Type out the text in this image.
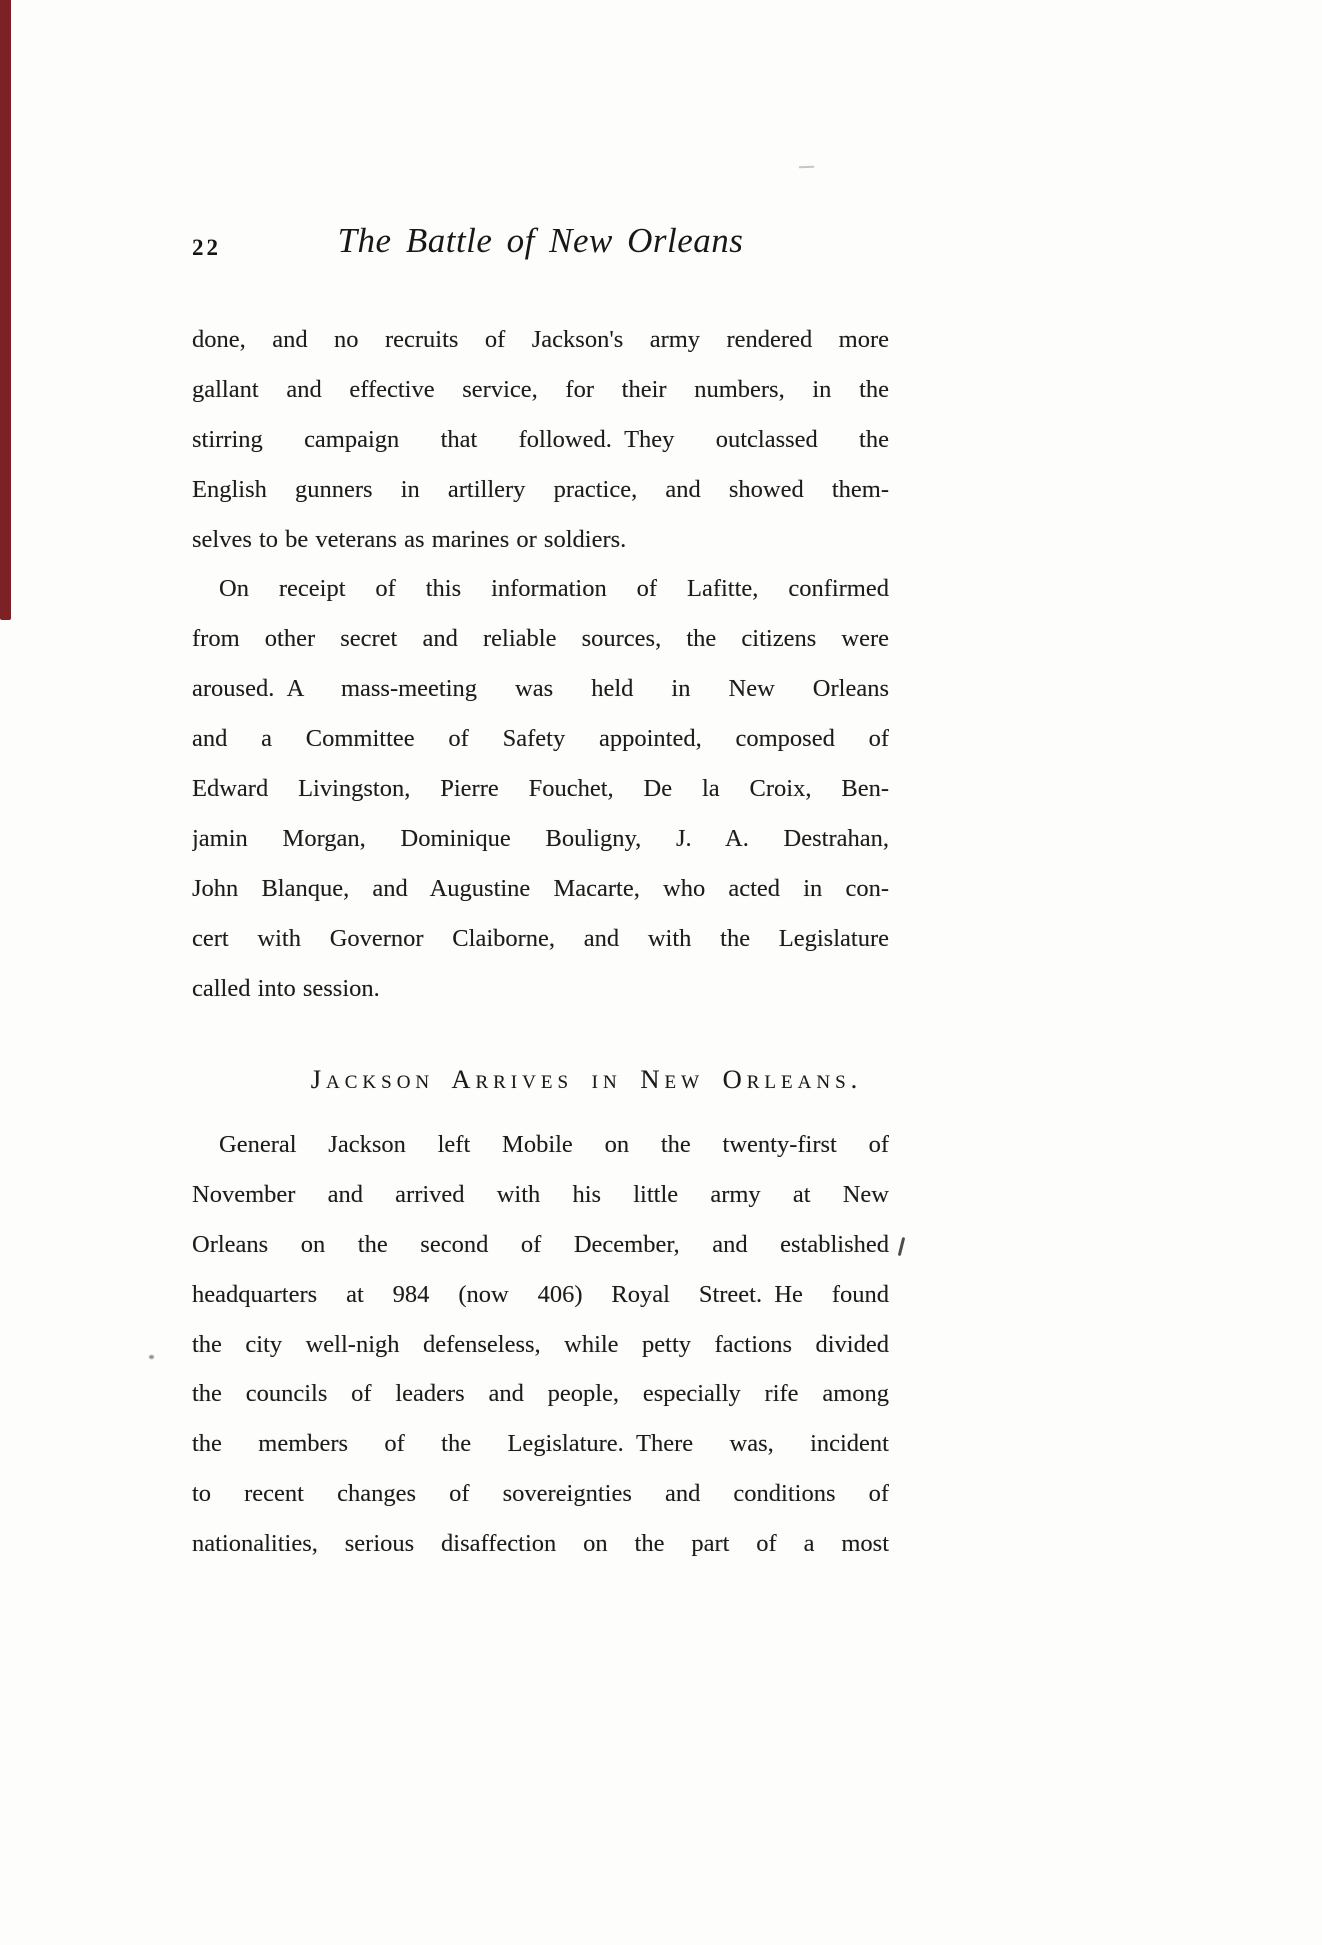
22	The Battle of New Orleans
done, and no recruits of Jackson's army rendered more
gallant and effective service, for their numbers, in the
stirring campaign that followed. They outclassed the
English gunners in artillery practice, and showed them-
selves to be veterans as marines or soldiers.
On receipt of this information of Lafitte, confirmed
from other secret and reliable sources, the citizens were
aroused. A mass-meeting was held in New Orleans
and a Committee of Safety appointed, composed of
Edward Livingston, Pierre Fouchet, De la Croix, Ben-
jamin Morgan, Dominique Bouligny, J. A. Destrahan,
John Blanque, and Augustine Macarte, who acted in con-
cert with Governor Claiborne, and with the Legislature
called into session.
Jackson Arrives in New Orleans.
General Jackson left Mobile on the twenty-first of
November and arrived with his little army at New
Orleans on the second of December, and established
headquarters at 984 (now 406) Royal Street. He found
the city well-nigh defenseless, while petty factions divided
the councils of leaders and people, especially rife among
the members of the Legislature. There was, incident
to recent changes of sovereignties and conditions of
nationalities, serious disaffection on the part of a most
